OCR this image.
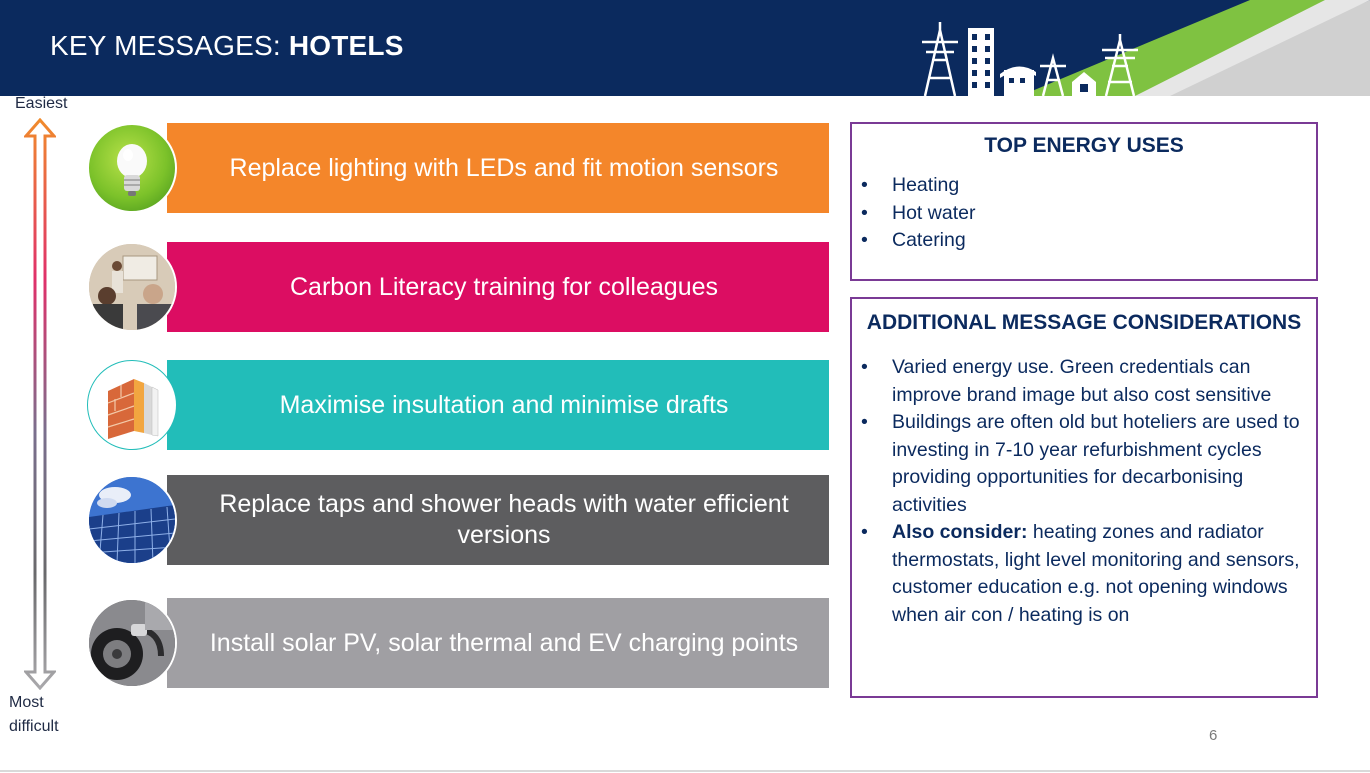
KEY MESSAGES: HOTELS
Easiest
Most
difficult
Replace lighting with LEDs and fit motion sensors
Carbon Literacy training for colleagues
Maximise insultation and minimise drafts
Replace taps and shower heads with water efficient versions
Install solar PV, solar thermal and EV charging points
TOP ENERGY USES
• Heating
• Hot water
• Catering
ADDITIONAL MESSAGE CONSIDERATIONS
• Varied energy use. Green credentials can improve brand image but also cost sensitive
• Buildings are often old but hoteliers are used to investing in 7-10 year refurbishment cycles providing opportunities for decarbonising activities
• Also consider: heating zones and radiator thermostats, light level monitoring and sensors, customer education e.g. not opening windows when air con / heating is on
6
